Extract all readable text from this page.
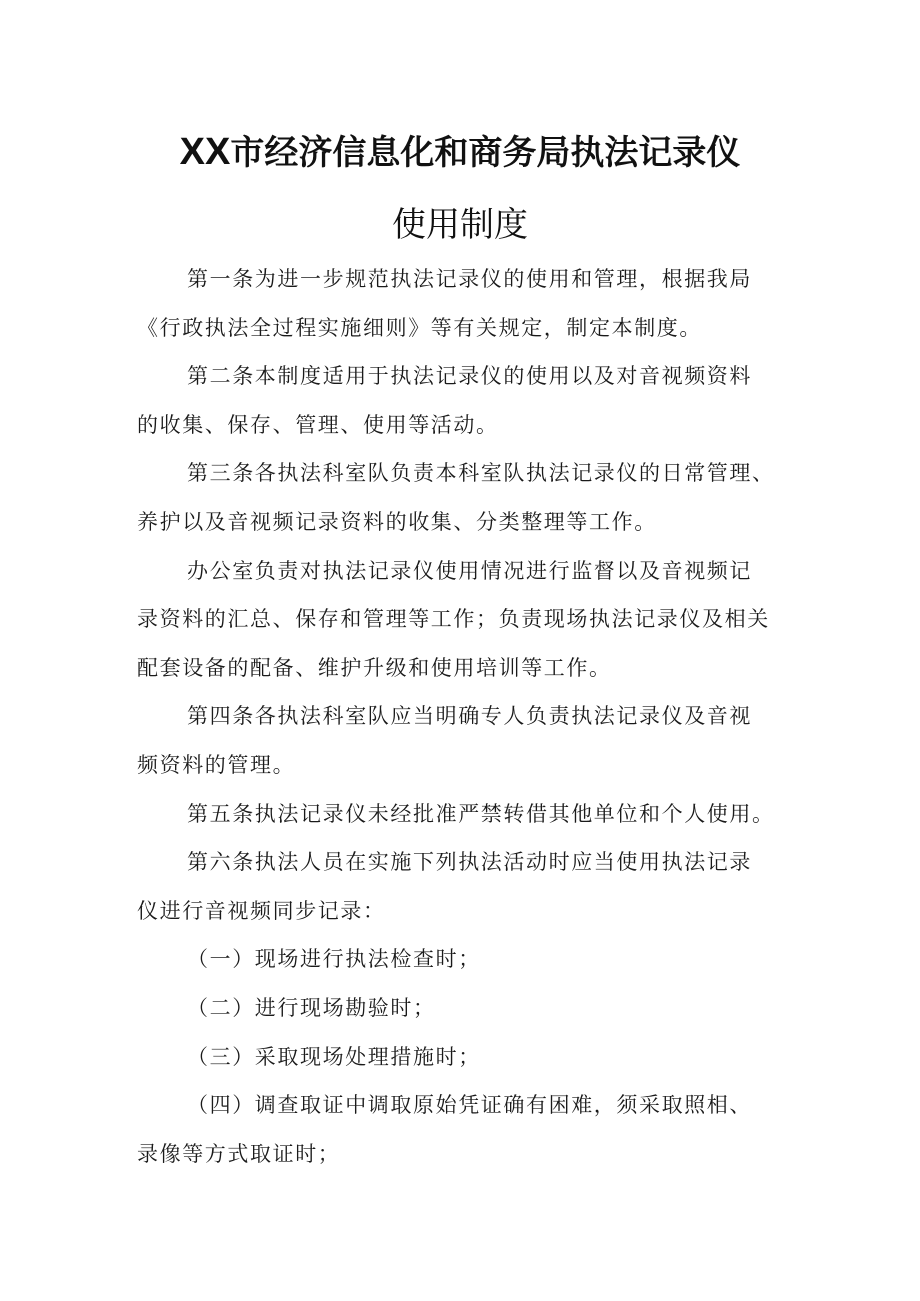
XX市经济信息化和商务局执法记录仪
使用制度
第一条为进一步规范执法记录仪的使用和管理，根据我局
《行政执法全过程实施细则》等有关规定，制定本制度。
第二条本制度适用于执法记录仪的使用以及对音视频资料
的收集、保存、管理、使用等活动。
第三条各执法科室队负责本科室队执法记录仪的日常管理、
养护以及音视频记录资料的收集、分类整理等工作。
办公室负责对执法记录仪使用情况进行监督以及音视频记
录资料的汇总、保存和管理等工作；负责现场执法记录仪及相关
配套设备的配备、维护升级和使用培训等工作。
第四条各执法科室队应当明确专人负责执法记录仪及音视
频资料的管理。
第五条执法记录仪未经批准严禁转借其他单位和个人使用。
第六条执法人员在实施下列执法活动时应当使用执法记录
仪进行音视频同步记录：
（一）现场进行执法检查时；
（二）进行现场勘验时；
（三）采取现场处理措施时；
（四）调查取证中调取原始凭证确有困难，须采取照相、
录像等方式取证时；
